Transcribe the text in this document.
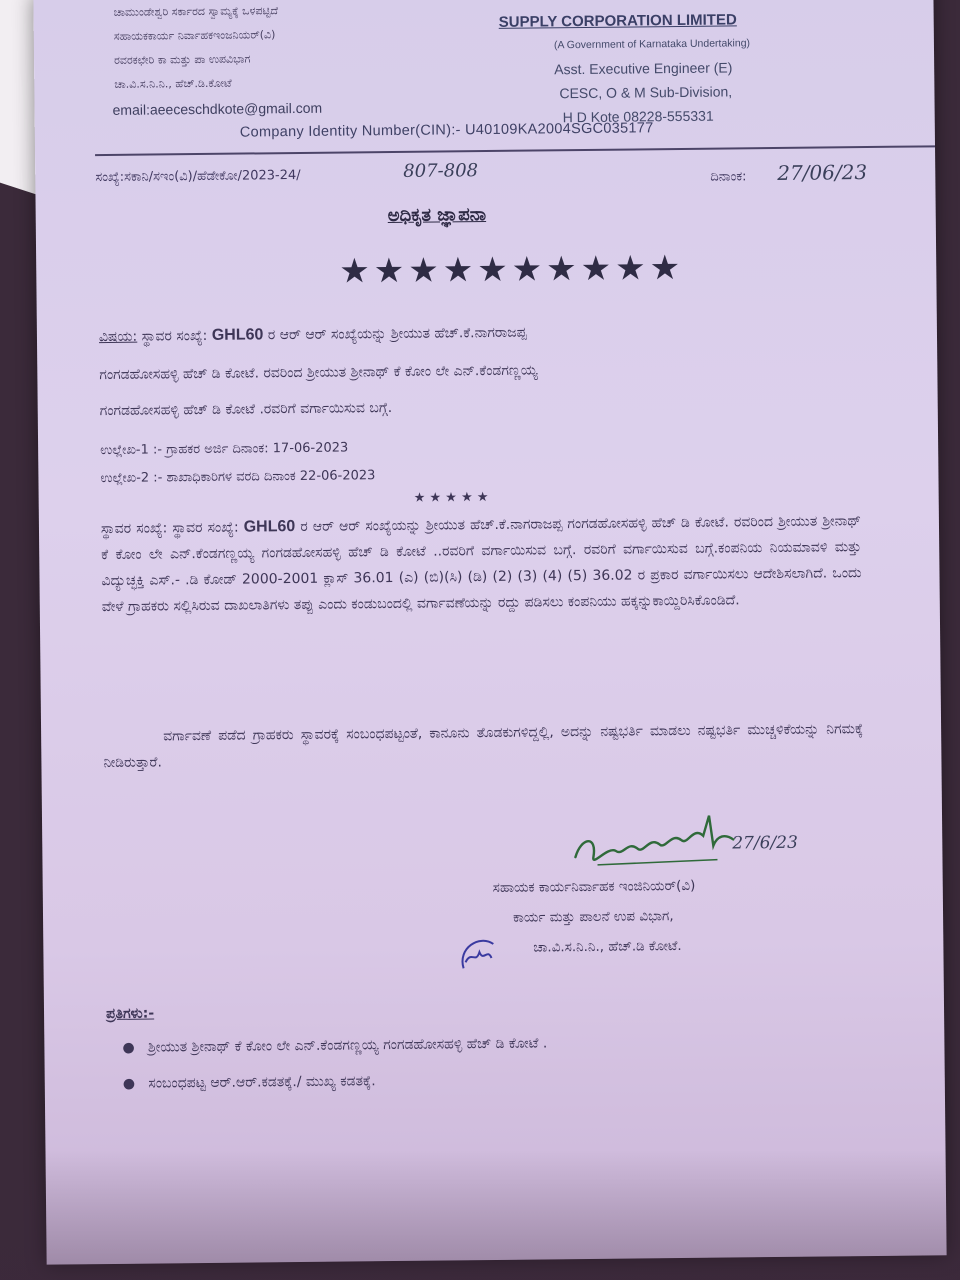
ಚಾಮುಂಡೇಶ್ವರಿ ಸರ್ಕಾರದ ಸ್ವಾಮ್ಯಕ್ಕೆ ಒಳಪಟ್ಟಿದೆ
ಸಹಾಯಕಕಾರ್ಯ ನಿರ್ವಾಹಕಇಂಜನಿಯರ್(ವಿ)
ರವರಕಛೇರಿ ಕಾ ಮತ್ತು ಪಾ ಉಪವಿಭಾಗ
ಚಾ.ವಿ.ಸ.ನಿ.ನಿ., ಹೆಚ್.ಡಿ.ಕೋಟೆ
email:aeeceschdkote@gmail.com
SUPPLY CORPORATION LIMITED
(A Government of Karnataka Undertaking)
Asst. Executive Engineer (E)
CESC, O & M Sub-Division,
H D Kote 08228-555331
Company Identity Number(CIN):- U40109KA2004SGC035177
ಸಂಖ್ಯೆ:ಸಕಾನಿ/ಸಇಂ(ವಿ)/ಹೆಡೇಕೋ/2023-24/	807-808	ದಿನಾಂಕ: 27/06/23
ಅಧಿಕೃತ ಜ್ಞಾಪನಾ
★★★★★★★★★★
ವಿಷಯ: ಸ್ಥಾವರ ಸಂಖ್ಯೆ: GHL60 ರ ಆರ್ ಆರ್ ಸಂಖ್ಯೆಯನ್ನು ಶ್ರೀಯುತ ಹೆಚ್.ಕೆ.ನಾಗರಾಜಪ್ಪ
ಗಂಗಡಹೋಸಹಳ್ಳಿ ಹೆಚ್ ಡಿ ಕೋಟೆ. ರವರಿಂದ ಶ್ರೀಯುತ ಶ್ರೀನಾಥ್ ಕೆ ಕೋಂ ಲೇ ಎನ್.ಕೆಂಡಗಣ್ಣಯ್ಯ
ಗಂಗಡಹೋಸಹಳ್ಳಿ ಹೆಚ್ ಡಿ ಕೋಟೆ .ರವರಿಗೆ ವರ್ಗಾಯಿಸುವ ಬಗ್ಗೆ.
ಉಲ್ಲೇಖ-1 :- ಗ್ರಾಹಕರ ಅರ್ಜಿ ದಿನಾಂಕ: 17-06-2023
ಉಲ್ಲೇಖ-2 :- ಶಾಖಾಧಿಕಾರಿಗಳ ವರದಿ ದಿನಾಂಕ 22-06-2023
★ ★ ★ ★ ★
ಸ್ಥಾವರ ಸಂಖ್ಯೆ: ಸ್ಥಾವರ ಸಂಖ್ಯೆ: GHL60 ರ ಆರ್ ಆರ್ ಸಂಖ್ಯೆಯನ್ನು ಶ್ರೀಯುತ ಹೆಚ್.ಕೆ.ನಾಗರಾಜಪ್ಪ ಗಂಗಡಹೋಸಹಳ್ಳಿ ಹೆಚ್ ಡಿ ಕೋಟೆ. ರವರಿಂದ ಶ್ರೀಯುತ ಶ್ರೀನಾಥ್ ಕೆ ಕೋಂ ಲೇ ಎನ್.ಕೆಂಡಗಣ್ಣಯ್ಯ ಗಂಗಡಹೋಸಹಳ್ಳಿ ಹೆಚ್ ಡಿ ಕೋಟೆ ..ರವರಿಗೆ ವರ್ಗಾಯಿಸುವ ಬಗ್ಗೆ. ರವರಿಗೆ ವರ್ಗಾಯಿಸುವ ಬಗ್ಗೆ.ಕಂಪನಿಯ ನಿಯಮಾವಳಿ ಮತ್ತು ವಿದ್ಯುಚ್ಛಕ್ತಿ ಎಸ್.- .ಡಿ ಕೋಡ್ 2000-2001 ಕ್ಲಾಸ್ 36.01 (ಎ) (ಬಿ)(ಸಿ) (ಡಿ) (2) (3) (4) (5) 36.02 ರ ಪ್ರಕಾರ ವರ್ಗಾಯಿಸಲು ಆದೇಶಿಸಲಾಗಿದೆ. ಒಂದು ವೇಳೆ ಗ್ರಾಹಕರು ಸಲ್ಲಿಸಿರುವ ದಾಖಲಾತಿಗಳು ತಪ್ಪು ಎಂದು ಕಂಡುಬಂದಲ್ಲಿ ವರ್ಗಾವಣೆಯನ್ನು ರದ್ದು ಪಡಿಸಲು ಕಂಪನಿಯು ಹಕ್ಕನ್ನುಕಾಯ್ದಿರಿಸಿಕೊಂಡಿದೆ.
ವರ್ಗಾವಣೆ ಪಡೆದ ಗ್ರಾಹಕರು ಸ್ಥಾವರಕ್ಕೆ ಸಂಬಂಧಪಟ್ಟಂತೆ, ಕಾನೂನು ತೊಡಕುಗಳಿದ್ದಲ್ಲಿ, ಅದನ್ನು ನಷ್ಟಭರ್ತಿ ಮಾಡಲು ನಷ್ಟಭರ್ತಿ ಮುಚ್ಚಳಿಕೆಯನ್ನು ನಿಗಮಕ್ಕೆ ನೀಡಿರುತ್ತಾರೆ.
27/6/23
ಸಹಾಯಕ ಕಾರ್ಯನಿರ್ವಾಹಕ ಇಂಜಿನಿಯರ್(ವಿ)
ಕಾರ್ಯ ಮತ್ತು ಪಾಲನೆ ಉಪ ವಿಭಾಗ,
ಚಾ.ವಿ.ಸ.ನಿ.ನಿ., ಹೆಚ್.ಡಿ ಕೋಟೆ.
ಪ್ರತಿಗಳು:-
● ಶ್ರೀಯುತ ಶ್ರೀನಾಥ್ ಕೆ ಕೋಂ ಲೇ ಎನ್.ಕೆಂಡಗಣ್ಣಯ್ಯ ಗಂಗಡಹೋಸಹಳ್ಳಿ ಹೆಚ್ ಡಿ ಕೋಟೆ .
● ಸಂಬಂಧಪಟ್ಟ ಆರ್.ಆರ್.ಕಡತಕ್ಕೆ./ ಮುಖ್ಯ ಕಡತಕ್ಕೆ.
